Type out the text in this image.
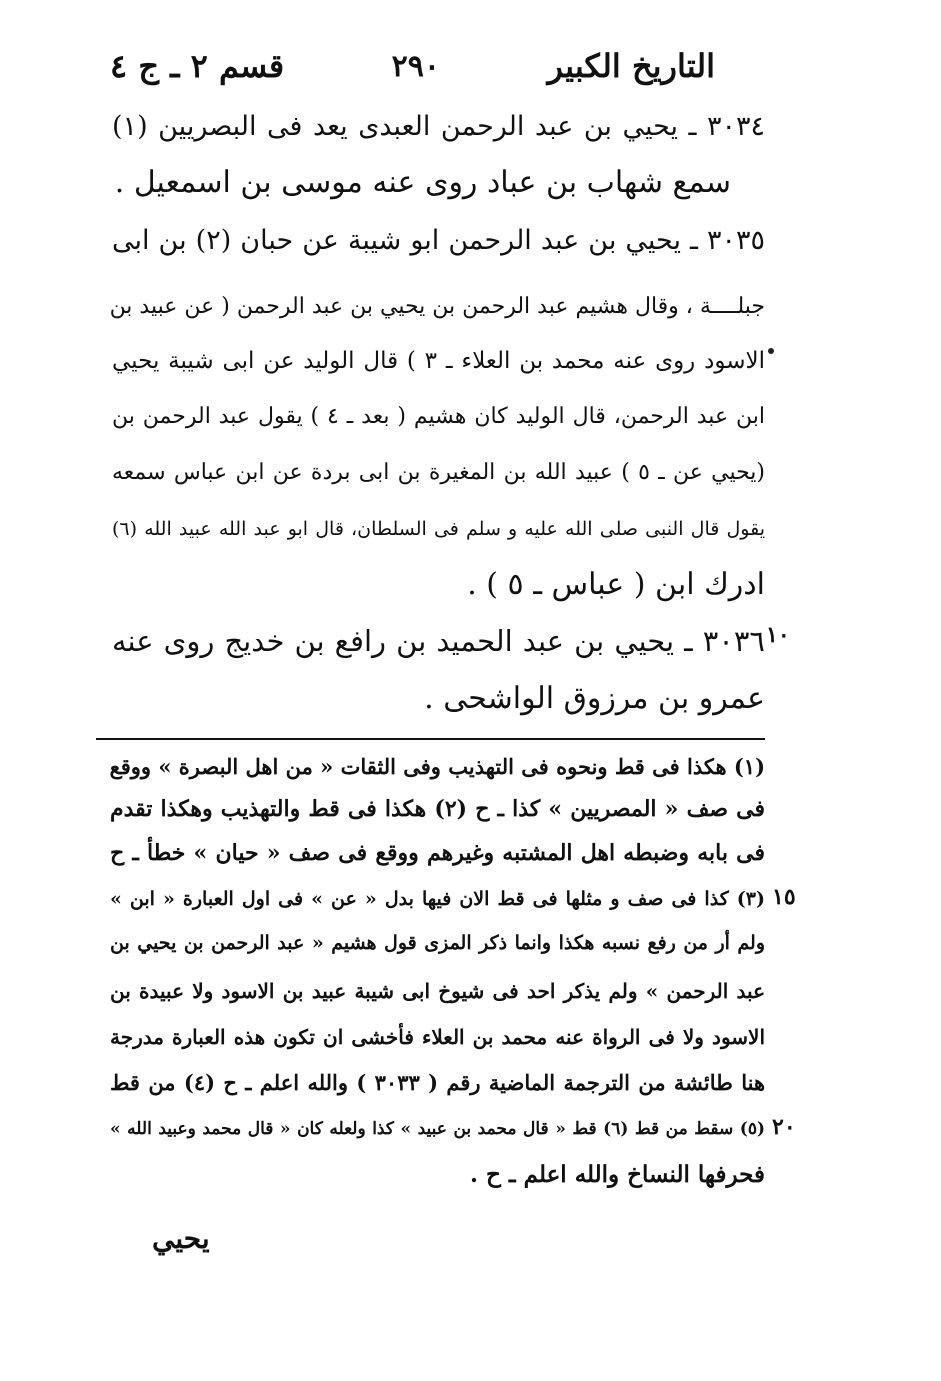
التاريخ الكبير
٢٩٠
قسم ٢ ـ ج ٤
٣٠٣٤ ـ يحيي بن عبد الرحمن العبدى يعد فى البصريين (١)
سمع شهاب بن عباد روى عنه موسى بن اسمعيل .
٣٠٣٥ ـ يحيي بن عبد الرحمن ابو شيبة عن حبان (٢) بن ابى
جبلــــة ، وقال هشيم عبد الرحمن بن يحيي بن عبد الرحمن ( عن عبيد بن
الاسود روى عنه محمد بن العلاء ـ ٣ ) قال الوليد عن ابى شيبة يحيي
ابن عبد الرحمن، قال الوليد كان هشيم ( بعد ـ ٤ ) يقول عبد الرحمن بن
(يحيي عن ـ ٥ ) عبيد الله بن المغيرة بن ابى بردة عن ابن عباس سمعه
يقول قال النبى صلى الله عليه و سلم فى السلطان، قال ابو عبد الله عبيد الله (٦)
ادرك ابن ( عباس ـ ٥ ) .
٣٠٣٦ ـ يحيي بن عبد الحميد بن رافع بن خديج روى عنه
عمرو بن مرزوق الواشحى .
١٠
(١) هكذا فى قط ونحوه فى التهذيب وفى الثقات « من اهل البصرة » ووقع
فى صف « المصريين » كذا ـ ح (٢) هكذا فى قط والتهذيب وهكذا تقدم
فى بابه وضبطه اهل المشتبه وغيرهم ووقع فى صف « حيان » خطأ ـ ح
(٣) كذا فى صف و مثلها فى قط الان فيها بدل « عن » فى اول العبارة « ابن »
ولم أر من رفع نسبه هكذا وانما ذكر المزى قول هشيم « عبد الرحمن بن يحيي بن
عبد الرحمن » ولم يذكر احد فى شيوخ ابى شيبة عبيد بن الاسود ولا عبيدة بن
الاسود ولا فى الرواة عنه محمد بن العلاء فأخشى ان تكون هذه العبارة مدرجة
هنا طائشة من الترجمة الماضية رقم ( ٣٠٣٣ ) والله اعلم ـ ح (٤) من قط
(٥) سقط من قط (٦) قط « قال محمد بن عبيد » كذا ولعله كان « قال محمد وعبيد الله »
فحرفها النساخ والله اعلم ـ ح .
١٥
٢٠
يحيي
